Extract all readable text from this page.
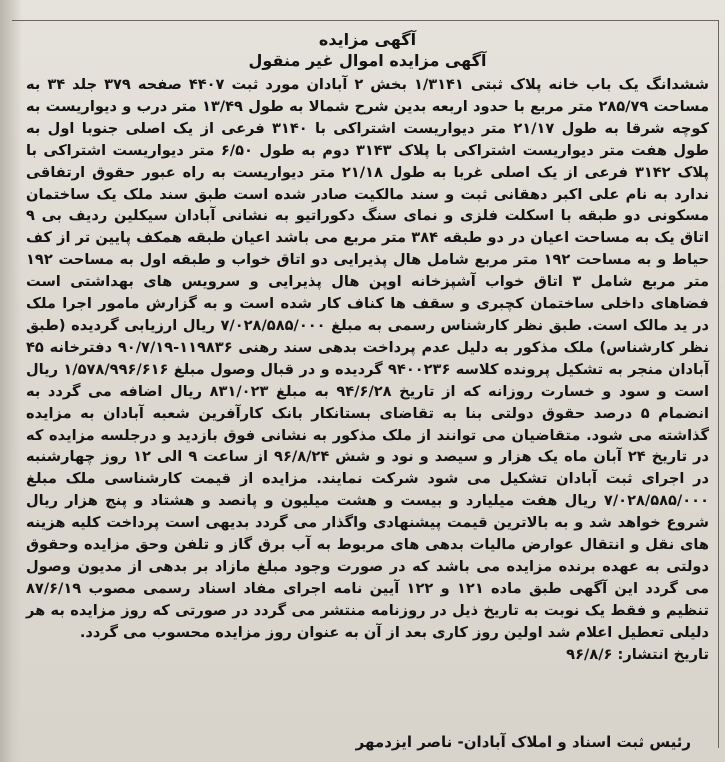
آگهی مزایده

آگهی مزایده اموال غیر منقول

ششدانگ یک باب خانه پلاک ثبتی ۱/۳۱۴۱ بخش ۲ آبادان مورد ثبت ۴۴۰۷ صفحه ۳۷۹ جلد ۳۴ به مساحت ۲۸۵/۷۹ متر مربع با حدود اربعه بدین شرح شمالا به طول ۱۳/۴۹ متر درب و دیواریست به کوچه شرقا به طول ۲۱/۱۷ متر دیواریست اشتراکی با ۳۱۴۰ فرعی از یک اصلی جنوبا اول به طول هفت متر دیواریست اشتراکی با پلاک ۳۱۴۳ دوم به طول ۶/۵۰ متر دیواریست اشتراکی با پلاک ۳۱۴۲ فرعی از یک اصلی غربا به طول ۲۱/۱۸ متر دیواریست به راه عبور حقوق ارتفاقی ندارد به نام علی اکبر دهقانی ثبت و سند مالکیت صادر شده است طبق سند ملک یک ساختمان مسکونی دو طبقه با اسکلت فلزی و نمای سنگ دکوراتیو به نشانی آبادان سیکلین ردیف بی ۹ اتاق یک به مساحت اعیان در دو طبقه ۳۸۴ متر مربع می باشد اعیان طبقه همکف پایین تر از کف حیاط و به مساحت ۱۹۲ متر مربع شامل هال پذیرایی دو اتاق خواب و طبقه اول به مساحت ۱۹۲ متر مربع شامل ۳ اتاق خواب آشپزخانه اوپن هال پذیرایی و سرویس های بهداشتی است فضاهای داخلی ساختمان کچبری و سقف ها کناف کار شده است و به گزارش مامور اجرا ملک در ید مالک است. طبق نظر کارشناس رسمی به مبلغ ۷/۰۲۸/۵۸۵/۰۰۰ ریال ارزیابی گردیده (طبق نظر کارشناس) ملک مذکور به دلیل عدم پرداخت بدهی سند رهنی ۱۱۹۸۳۶-۹۰/۷/۱۹ دفترخانه ۴۵ آبادان منجر به تشکیل پرونده کلاسه ۹۴۰۰۲۳۶ گردیده و در قبال وصول مبلغ ۱/۵۷۸/۹۹۶/۶۱۶ ریال است و سود و خسارت روزانه که از تاریخ ۹۴/۶/۲۸ به مبلغ ۸۳۱/۰۲۳ ریال اضافه می گردد به انضمام ۵ درصد حقوق دولتی بنا به تقاضای بستانکار بانک کارآفرین شعبه آبادان به مزایده گذاشته می شود. متقاضیان می توانند از ملک مذکور به نشانی فوق بازدید و درجلسه مزایده که در تاریخ ۲۴ آبان ماه یک هزار و سیصد و نود و شش ۹۶/۸/۲۴ از ساعت ۹ الی ۱۲ روز چهارشنبه در اجرای ثبت آبادان تشکیل می شود شرکت نمایند. مزایده از قیمت کارشناسی ملک مبلغ ۷/۰۲۸/۵۸۵/۰۰۰ ریال هفت میلیارد و بیست و هشت میلیون و پانصد و هشتاد و پنج هزار ریال شروع خواهد شد و به بالاترین قیمت پیشنهادی واگذار می گردد بدیهی است پرداخت کلیه هزینه های نقل و انتقال عوارض مالیات بدهی های مربوط به آب برق گاز و تلفن وحق مزایده وحقوق دولتی به عهده برنده مزایده می باشد که در صورت وجود مبلغ مازاد بر بدهی از مدیون وصول می گردد این آگهی طبق ماده ۱۲۱ و ۱۲۲ آیین نامه اجرای مفاد اسناد رسمی مصوب ۸۷/۶/۱۹ تنظیم و فقط یک نوبت به تاریخ ذیل در روزنامه منتشر می گردد در صورتی که روز مزایده به هر دلیلی تعطیل اعلام شد اولین روز کاری بعد از آن به عنوان روز مزایده محسوب می گردد.

تاریخ انتشار: ۹۶/۸/۶

رئیس ثبت اسناد و املاک آبادان- ناصر ایزدمهر
